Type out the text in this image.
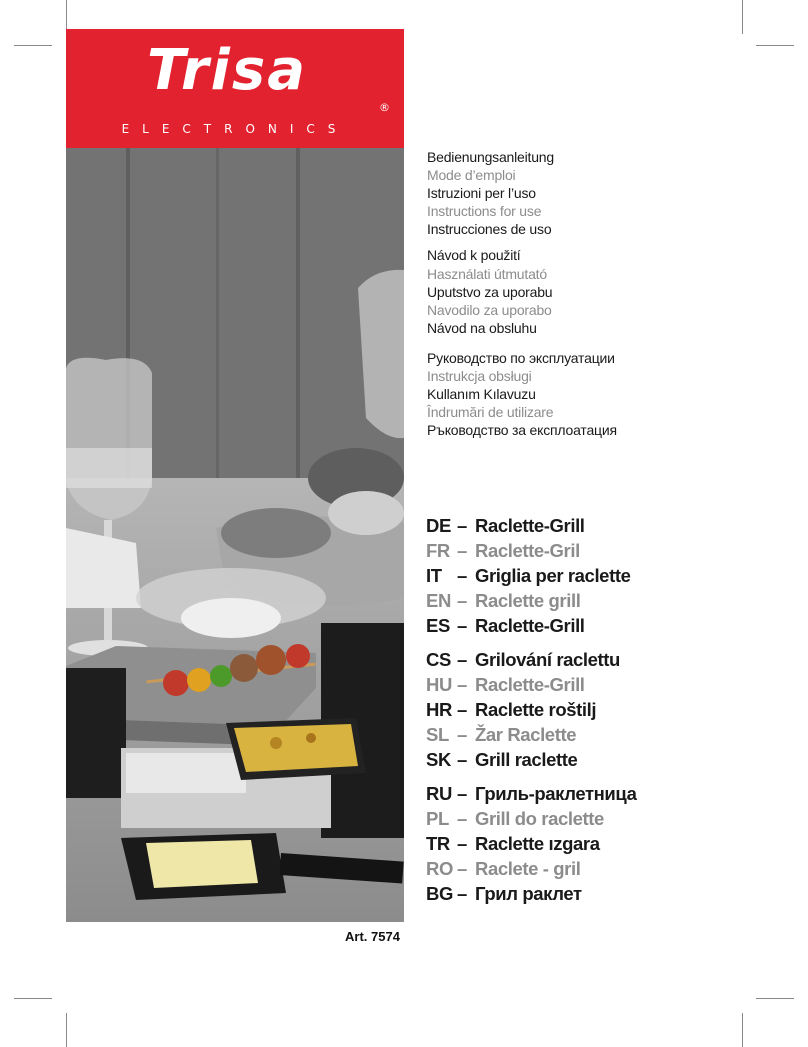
Trisa
®
ELECTRONICS
Art. 7574
Bedienungsanleitung
Mode d’emploi
Istruzioni per l’uso
Instructions for use
Instrucciones de uso
Návod k použití
Használati útmutató
Uputstvo za uporabu
Navodilo za uporabo
Návod na obsluhu
Руководство по эксплуатации
Instrukcja obsługi
Kullanım Kılavuzu
Îndrumări de utilizare
Ръководство за експлоатация
DE – Raclette-Grill
FR – Raclette-Gril
IT – Griglia per raclette
EN – Raclette grill
ES – Raclette-Grill
CS – Grilování raclettu
HU – Raclette-Grill
HR – Raclette roštilj
SL – Žar Raclette
SK – Grill raclette
RU – Гриль-раклетница
PL – Grill do raclette
TR – Raclette ızgara
RO – Raclete - gril
BG – Грил раклет
